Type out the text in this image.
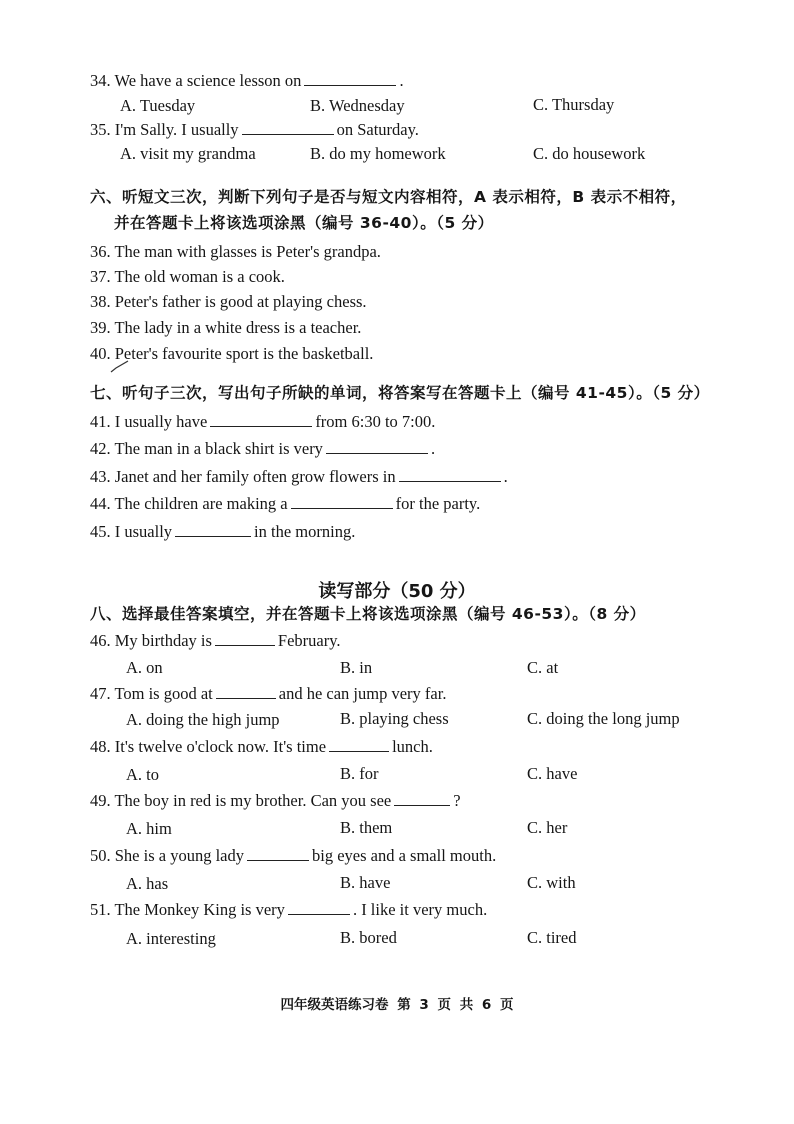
34. We have a science lesson on	.
A. Tuesday	B. Wednesday	C. Thursday
35. I'm Sally. I usually	on Saturday.
A. visit my grandma	B. do my homework	C. do housework
六、听短文三次，判断下列句子是否与短文内容相符，A 表示相符，B 表示不相符，
并在答题卡上将该选项涂黑（编号 36-40）。（5 分）
36. The man with glasses is Peter's grandpa.
37. The old woman is a cook.
38. Peter's father is good at playing chess.
39. The lady in a white dress is a teacher.
40. Peter's favourite sport is the basketball.
七、听句子三次，写出句子所缺的单词，将答案写在答题卡上（编号 41-45）。（5 分）
41. I usually have	from 6:30 to 7:00.
42. The man in a black shirt is very	.
43. Janet and her family often grow flowers in	.
44. The children are making a	for the party.
45. I usually	in the morning.
读写部分（50 分）
八、选择最佳答案填空，并在答题卡上将该选项涂黑（编号 46-53）。（8 分）
46. My birthday is	February.
A. on	B. in	C. at
47. Tom is good at	and he can jump very far.
A. doing the high jump	B. playing chess	C. doing the long jump
48. It's twelve o'clock now. It's time	lunch.
A. to	B. for	C. have
49. The boy in red is my brother. Can you see	?
A. him	B. them	C. her
50. She is a young lady	big eyes and a small mouth.
A. has	B. have	C. with
51. The Monkey King is very	. I like it very much.
A. interesting	B. bored	C. tired
四年级英语练习卷 第 3 页 共 6 页
